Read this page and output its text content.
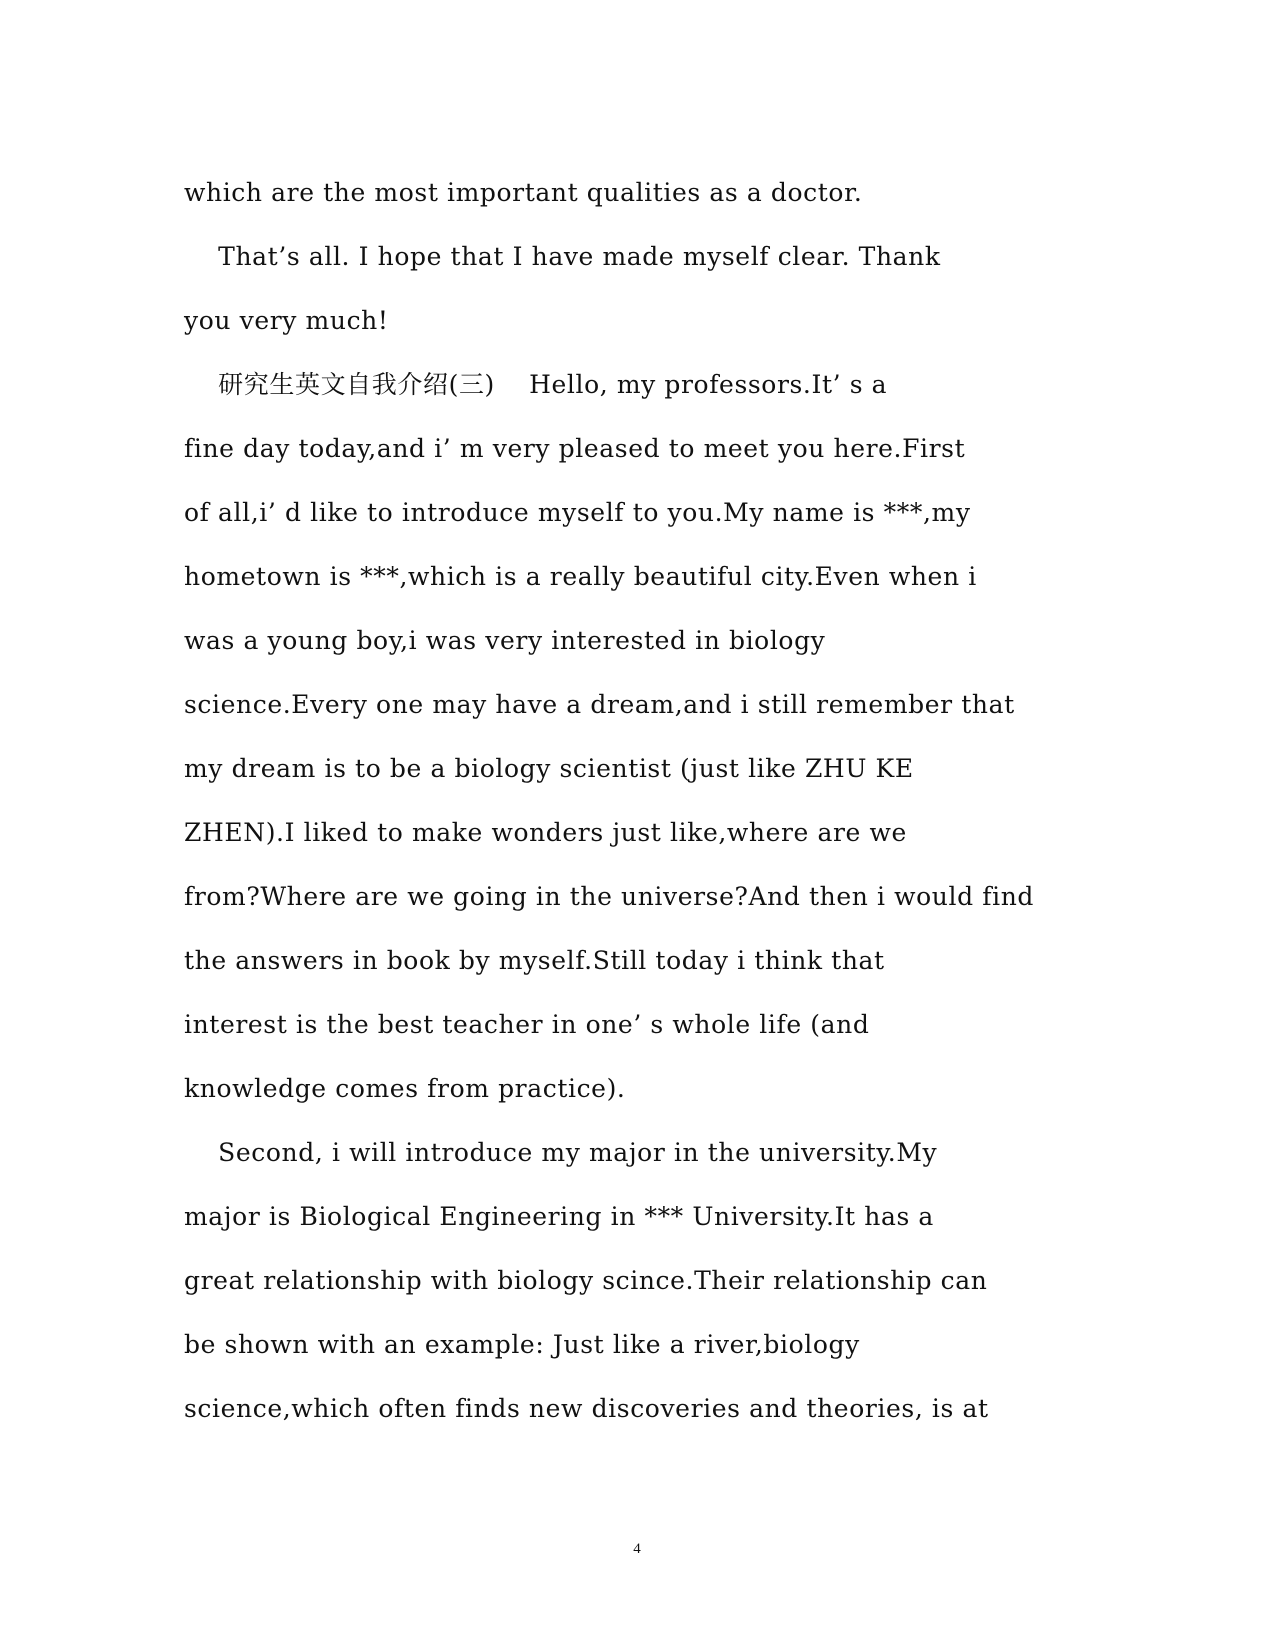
which are the most important qualities as a doctor.
That’s all. I hope that I have made myself clear. Thank
you very much!
研究生英文自我介绍(三)    Hello, my professors.It’ s a
fine day today,and i’ m very pleased to meet you here.First
of all,i’ d like to introduce myself to you.My name is ***,my
hometown is ***,which is a really beautiful city.Even when i
was a young boy,i was very interested in biology
science.Every one may have a dream,and i still remember that
my dream is to be a biology scientist (just like ZHU KE
ZHEN).I liked to make wonders just like,where are we
from?Where are we going in the universe?And then i would find
the answers in book by myself.Still today i think that
interest is the best teacher in one’ s whole life (and
knowledge comes from practice).
Second, i will introduce my major in the university.My
major is Biological Engineering in *** University.It has a
great relationship with biology scince.Their relationship can
be shown with an example: Just like a river,biology
science,which often finds new discoveries and theories, is at
4
